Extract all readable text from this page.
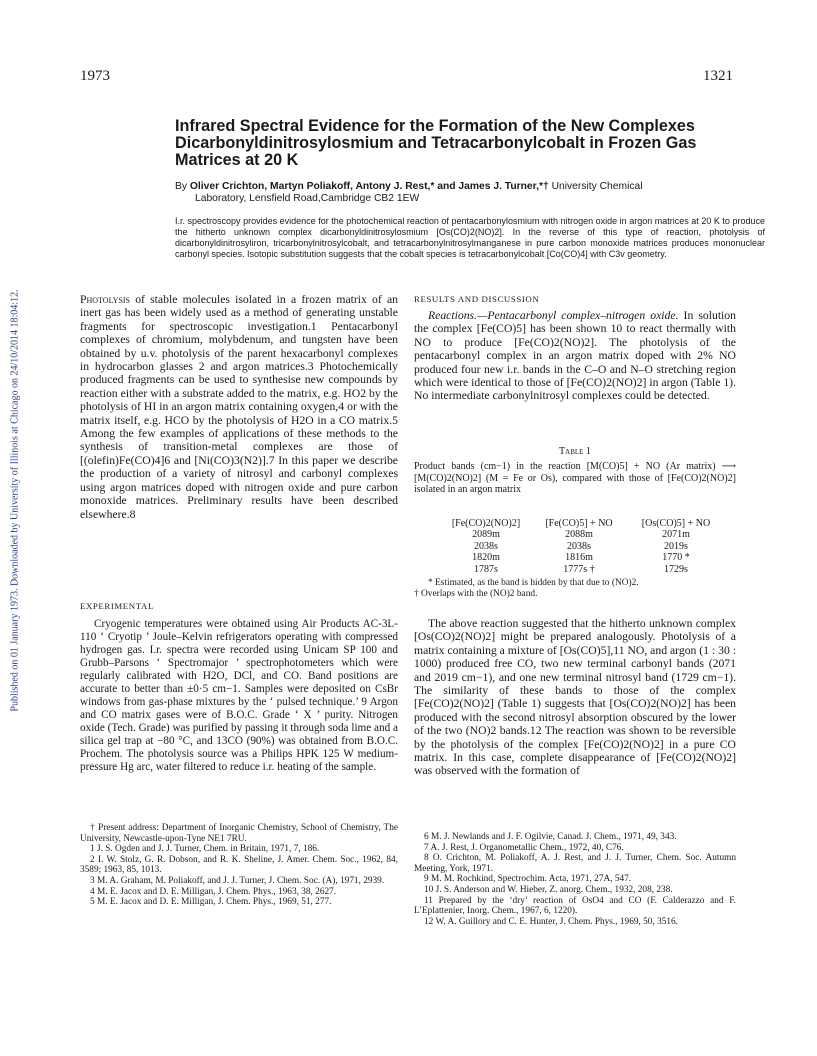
Published on 01 January 1973. Downloaded by University of Illinois at Chicago on 24/10/2014 18:04:12.
1973	1321
Infrared Spectral Evidence for the Formation of the New Complexes Dicarbonyldinitrosylosmium and Tetracarbonylcobalt in Frozen Gas Matrices at 20 K
By Oliver Crichton, Martyn Poliakoff, Antony J. Rest,* and James J. Turner,*† University Chemical
Laboratory, Lensfield Road,Cambridge CB2 1EW
I.r. spectroscopy provides evidence for the photochemical reaction of pentacarbonylosmium with nitrogen oxide in argon matrices at 20 K to produce the hitherto unknown complex dicarbonyldinitrosylosmium [Os(CO)2(NO)2]. In the reverse of this type of reaction, photolysis of dicarbonyldinitrosyliron, tricarbonylnitrosylcobalt, and tetracarbonylnitrosylmanganese in pure carbon monoxide matrices produces mononuclear carbonyl species. Isotopic substitution suggests that the cobalt species is tetracarbonylcobalt [Co(CO)4] with C3v geometry.

Photolysis of stable molecules isolated in a frozen matrix of an inert gas has been widely used as a method of generating unstable fragments for spectroscopic investigation.1 Pentacarbonyl complexes of chromium, molybdenum, and tungsten have been obtained by u.v. photolysis of the parent hexacarbonyl complexes in hydrocarbon glasses 2 and argon matrices.3 Photochemically produced fragments can be used to synthesise new compounds by reaction either with a substrate added to the matrix, e.g. HO2 by the photolysis of HI in an argon matrix containing oxygen,4 or with the matrix itself, e.g. HCO by the photolysis of H2O in a CO matrix.5 Among the few examples of applications of these methods to the synthesis of transition-metal complexes are those of [(olefin)Fe(CO)4]6 and [Ni(CO)3(N2)].7 In this paper we describe the production of a variety of nitrosyl and carbonyl complexes using argon matrices doped with nitrogen oxide and pure carbon monoxide matrices. Preliminary results have been described elsewhere.8

EXPERIMENTAL

Cryogenic temperatures were obtained using Air Products AC-3L-110 ‘ Cryotip ’ Joule–Kelvin refrigerators operating with compressed hydrogen gas. I.r. spectra were recorded using Unicam SP 100 and Grubb–Parsons ‘ Spectromajor ’ spectrophotometers which were regularly calibrated with H2O, DCl, and CO. Band positions are accurate to better than ±0·5 cm−1. Samples were deposited on CsBr windows from gas-phase mixtures by the ‘ pulsed technique.’ 9 Argon and CO matrix gases were of B.O.C. Grade ‘ X ’ purity. Nitrogen oxide (Tech. Grade) was purified by passing it through soda lime and a silica gel trap at −80 °C, and 13CO (90%) was obtained from B.O.C. Prochem. The photolysis source was a Philips HPK 125 W medium-pressure Hg arc, water filtered to reduce i.r. heating of the sample.

† Present address: Department of Inorganic Chemistry, School of Chemistry, The University, Newcastle-upon-Tyne NE1 7RU.
1 J. S. Ogden and J. J. Turner, Chem. in Britain, 1971, 7, 186.
2 I. W. Stolz, G. R. Dobson, and R. K. Sheline, J. Amer. Chem. Soc., 1962, 84, 3589; 1963, 85, 1013.
3 M. A. Graham, M. Poliakoff, and J. J. Turner, J. Chem. Soc. (A), 1971, 2939.
4 M. E. Jacox and D. E. Milligan, J. Chem. Phys., 1963, 38, 2627.
5 M. E. Jacox and D. E. Milligan, J. Chem. Phys., 1969, 51, 277.
RESULTS AND DISCUSSION

Reactions.—Pentacarbonyl complex–nitrogen oxide. In solution the complex [Fe(CO)5] has been shown 10 to react thermally with NO to produce [Fe(CO)2(NO)2]. The photolysis of the pentacarbonyl complex in an argon matrix doped with 2% NO produced four new i.r. bands in the C–O and N–O stretching region which were identical to those of [Fe(CO)2(NO)2] in argon (Table 1). No intermediate carbonylnitrosyl complexes could be detected.

Table 1
Product bands (cm−1) in the reaction [M(CO)5] + NO (Ar matrix) ⟶ [M(CO)2(NO)2] (M = Fe or Os), compared with those of [Fe(CO)2(NO)2] isolated in an argon matrix
[Fe(CO)2(NO)2]	[Fe(CO)5] + NO	[Os(CO)5] + NO
2089m	2088m	2071m
2038s	2038s	2019s
1820m	1816m	1770 *
1787s	1777s †	1729s
* Estimated, as the band is hidden by that due to (NO)2.
† Overlaps with the (NO)2 band.

The above reaction suggested that the hitherto unknown complex [Os(CO)2(NO)2] might be prepared analogously. Photolysis of a matrix containing a mixture of [Os(CO)5],11 NO, and argon (1 : 30 : 1000) produced free CO, two new terminal carbonyl bands (2071 and 2019 cm−1), and one new terminal nitrosyl band (1729 cm−1). The similarity of these bands to those of the complex [Fe(CO)2(NO)2] (Table 1) suggests that [Os(CO)2(NO)2] has been produced with the second nitrosyl absorption obscured by the lower of the two (NO)2 bands.12 The reaction was shown to be reversible by the photolysis of the complex [Fe(CO)2(NO)2] in a pure CO matrix. In this case, complete disappearance of [Fe(CO)2(NO)2] was observed with the formation of

6 M. J. Newlands and J. F. Ogilvie, Canad. J. Chem., 1971, 49, 343.
7 A. J. Rest, J. Organometallic Chem., 1972, 40, C76.
8 O. Crichton, M. Poliakoff, A. J. Rest, and J. J. Turner, Chem. Soc. Autumn Meeting, York, 1971.
9 M. M. Rochkind, Spectrochim. Acta, 1971, 27A, 547.
10 J. S. Anderson and W. Hieber, Z. anorg. Chem., 1932, 208, 238.
11 Prepared by the ‘dry’ reaction of OsO4 and CO (F. Calderazzo and F. L’Eplattenier, Inorg. Chem., 1967, 6, 1220).
12 W. A. Guillory and C. E. Hunter, J. Chem. Phys., 1969, 50, 3516.
